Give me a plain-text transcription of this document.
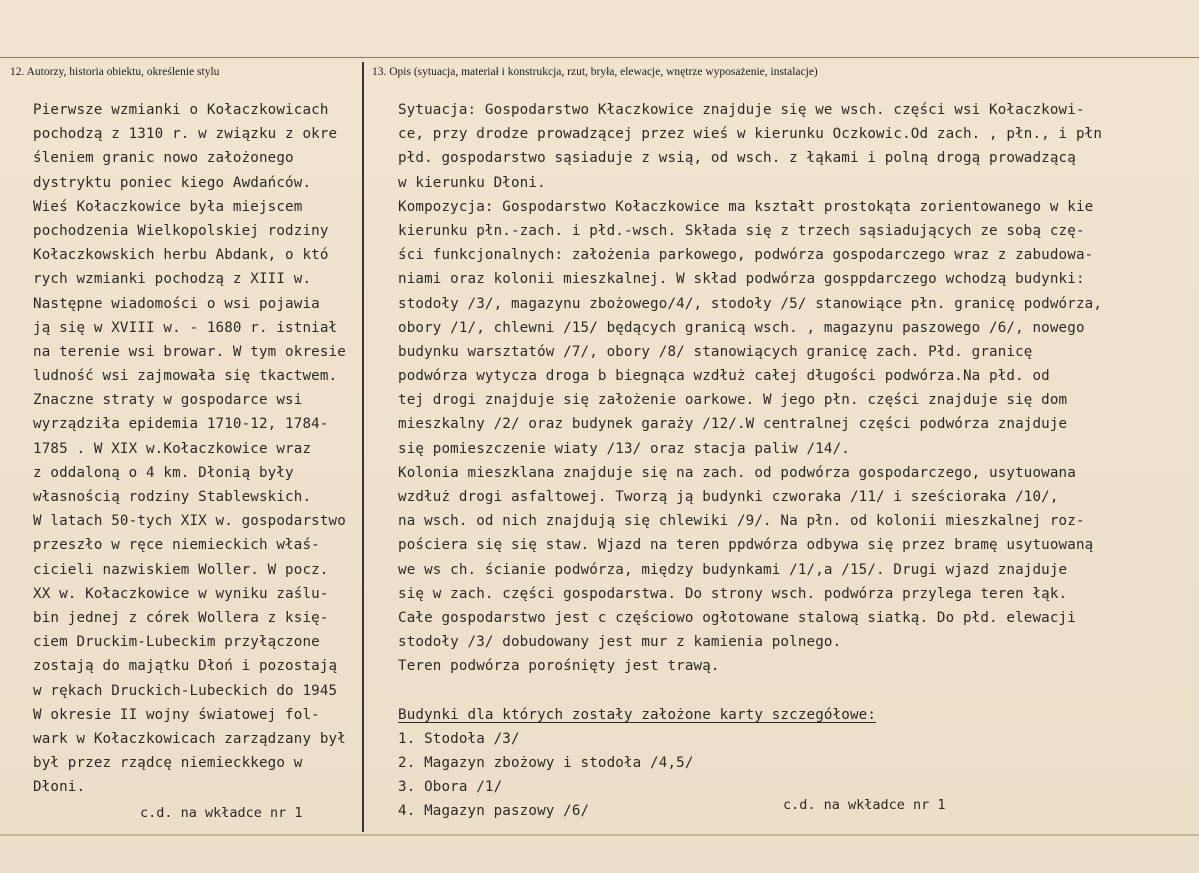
12. Autorzy, historia obiektu, określenie stylu	13. Opis (sytuacja, materiał i konstrukcja, rzut, bryła, elewacje, wnętrze wyposażenie, instalacje)
Pierwsze wzmianki o Kołaczkowicach
pochodzą z 1310 r. w związku z okre
śleniem granic nowo założonego
dystryktu poniec kiego Awdańców.
Wieś Kołaczkowice była miejscem
pochodzenia Wielkopolskiej rodziny
Kołaczkowskich herbu Abdank, o któ
rych wzmianki pochodzą z XIII w.
Następne wiadomości o wsi pojawia
ją się w XVIII w. - 1680 r. istniał
na terenie wsi browar. W tym okresie
ludność wsi zajmowała się tkactwem.
Znaczne straty w gospodarce wsi
wyrządziła epidemia 1710-12, 1784-
1785 . W XIX w.Kołaczkowice wraz
z oddaloną o 4 km. Dłonią były
własnością rodziny Stablewskich.
W latach 50-tych XIX w. gospodarstwo
przeszło w ręce niemieckich właś-
cicieli nazwiskiem Woller. W pocz.
XX w. Kołaczkowice w wyniku zaślu-
bin jednej z córek Wollera z księ-
ciem Druckim-Lubeckim przyłączone
zostają do majątku Dłoń i pozostają
w rękach Druckich-Lubeckich do 1945
W okresie II wojny światowej fol-
wark w Kołaczkowicach zarządzany był
był przez rządcę niemieckkego w
Dłoni.
Sytuacja: Gospodarstwo Kłaczkowice znajduje się we wsch. części wsi Kołaczkowi-
ce, przy drodze prowadzącej przez wieś w kierunku Oczkowic.Od zach. , płn., i płn
płd. gospodarstwo sąsiaduje z wsią, od wsch. z łąkami i polną drogą prowadzącą
w kierunku Dłoni.
Kompozycja: Gospodarstwo Kołaczkowice ma kształt prostokąta zorientowanego w kie
kierunku płn.-zach. i płd.-wsch. Składa się z trzech sąsiadujących ze sobą czę-
ści funkcjonalnych: założenia parkowego, podwórza gospodarczego wraz z zabudowa-
niami oraz kolonii mieszkalnej. W skład podwórza gosppdarczego wchodzą budynki:
stodoły /3/, magazynu zbożowego/4/, stodoły /5/ stanowiące płn. granicę podwórza,
obory /1/, chlewni /15/ będących granicą wsch. , magazynu paszowego /6/, nowego
budynku warsztatów /7/, obory /8/ stanowiących granicę zach. Płd. granicę
podwórza wytycza droga b biegnąca wzdłuż całej długości podwórza.Na płd. od
tej drogi znajduje się założenie oarkowe. W jego płn. części znajduje się dom
mieszkalny /2/ oraz budynek garaży /12/.W centralnej części podwórza znajduje
się pomieszczenie wiaty /13/ oraz stacja paliw /14/.
Kolonia mieszklana znajduje się na zach. od podwórza gospodarczego, usytuowana
wzdłuż drogi asfaltowej. Tworzą ją budynki czworaka /11/ i sześcioraka /10/,
na wsch. od nich znajdują się chlewiki /9/. Na płn. od kolonii mieszkalnej roz-
pościera się się staw. Wjazd na teren ppdwórza odbywa się przez bramę usytuowaną
we ws ch. ścianie podwórza, między budynkami /1/,a /15/. Drugi wjazd znajduje
się w zach. części gospodarstwa. Do strony wsch. podwórza przylega teren łąk.
Całe gospodarstwo jest c częściowo ogłotowane stalową siatką. Do płd. elewacji
stodoły /3/ dobudowany jest mur z kamienia polnego.
Teren podwórza porośnięty jest trawą.

Budynki dla których zostały założone karty szczegółowe:
1. Stodoła /3/
2. Magazyn zbożowy i stodoła /4,5/
3. Obora /1/
4. Magazyn paszowy /6/
c.d. na wkładce nr 1	c.d. na wkładce nr 1
